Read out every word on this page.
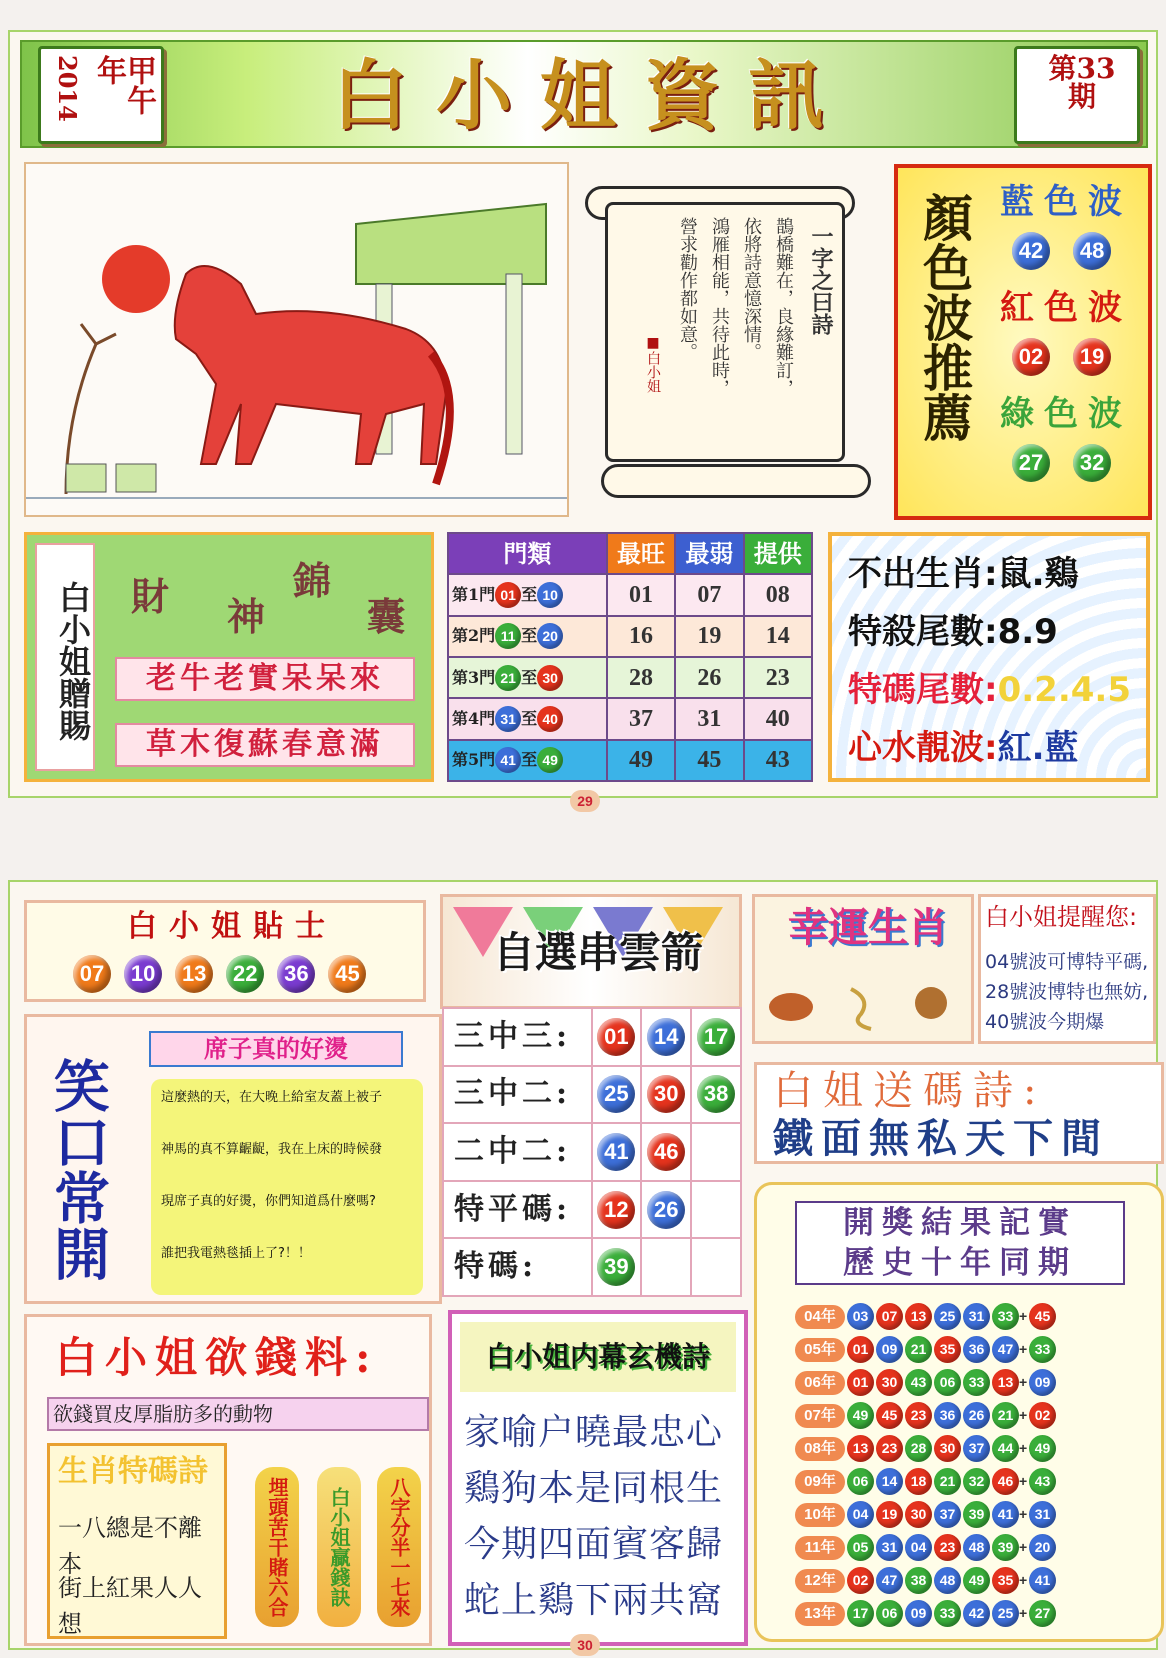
2014	甲午年	白小姐資訊	第33期
一字之曰詩
鵲橋難在，良緣難訂，
依將詩意憶深情。
鴻雁相能，共待此時，
營求勸作都如意。
■白小姐	顏色波推薦 藍色波
42 48
紅色波
02 19
綠色波
27 32
白小姐贈賜 財 神
錦
囊
老牛老實呆呆來
草木復蘇春意滿
門類	最旺	最弱	提供
第1門 01 至 10	01	07	08
第2門 11 至 20	16	19	14
第3門 21 至 30	28	26	23
第4門 31 至 40	37	31	40
第5門 41 至 49	49	45	43
不出生肖:鼠.鷄
特殺尾數:8.9
特碼尾數:0.2.4.5
心水靚波:紅.藍
29
白小姐貼士
07 10 13 22 36 45
笑口常開
席子真的好燙
這麼熱的天，在大晚上給室友蓋上被子
神馬的真不算齷齪，我在上床的時候發
現席子真的好燙，你們知道爲什麼嗎?
誰把我電熱毯插上了?！！
白小姐欲錢料:
欲錢買皮厚脂肪多的動物
生肖特碼詩
一八總是不離本
街上紅果人人想
埋頭苦干賭六合	白小姐贏錢訣	八字分半一七來
自選串雲箭
三中三:	01	14	17
三中二:	25	30	38
二中二:	41	46	
特平碼:	12	26	
特碼:	39		
白小姐内幕玄機詩
家喻户曉最忠心
鷄狗本是同根生
今期四面賓客歸
蛇上鷄下兩共窩
幸運生肖	白小姐提醒您:
04號波可博特平碼,
28號波博特也無妨,
40號波今期爆
白姐送碼詩:
鐵面無私天下間
開獎結果記實
歷史十年同期
04年 03 07 13 25 31 33 + 45
05年 01 09 21 35 36 47 + 33
06年 01 30 43 06 33 13 + 09
07年 49 45 23 36 26 21 + 02
08年 13 23 28 30 37 44 + 49
09年 06 14 18 21 32 46 + 43
10年 04 19 30 37 39 41 + 31
11年 05 31 04 23 48 39 + 20
12年 02 47 38 48 49 35 + 41
13年 17 06 09 33 42 25 + 27
30
